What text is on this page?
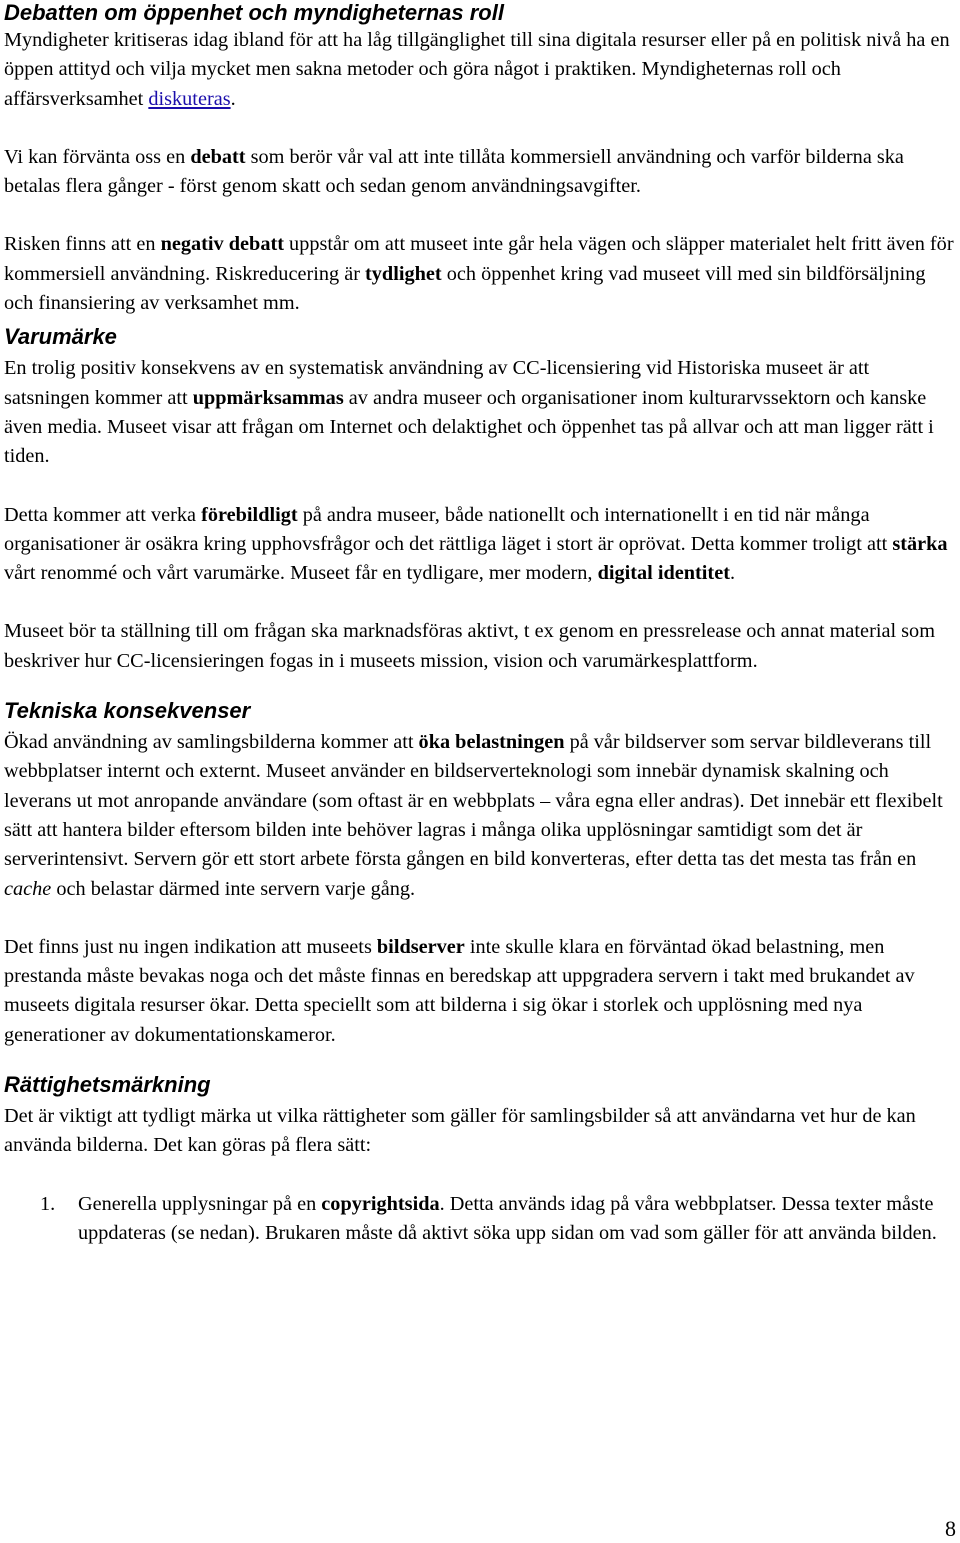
Debatten om öppenhet och myndigheternas roll

Myndigheter kritiseras idag ibland för att ha låg tillgänglighet till sina digitala resurser eller på en politisk nivå ha en öppen attityd och vilja mycket men sakna metoder och göra något i praktiken. Myndigheternas roll och affärsverksamhet diskuteras.

Vi kan förvänta oss en debatt som berör vår val att inte tillåta kommersiell användning och varför bilderna ska betalas flera gånger - först genom skatt och sedan genom användningsavgifter.

Risken finns att en negativ debatt uppstår om att museet inte går hela vägen och släpper materialet helt fritt även för kommersiell användning. Riskreducering är tydlighet och öppenhet kring vad museet vill med sin bildförsäljning och finansiering av verksamhet mm.

Varumärke

En trolig positiv konsekvens av en systematisk användning av CC-licensiering vid Historiska museet är att satsningen kommer att uppmärksammas av andra museer och organisationer inom kulturarvssektorn och kanske även media. Museet visar att frågan om Internet och delaktighet och öppenhet tas på allvar och att man ligger rätt i tiden.

Detta kommer att verka förebildligt på andra museer, både nationellt och internationellt i en tid när många organisationer är osäkra kring upphovsfrågor och det rättliga läget i stort är oprövat. Detta kommer troligt att stärka vårt renommé och vårt varumärke. Museet får en tydligare, mer modern, digital identitet.

Museet bör ta ställning till om frågan ska marknadsföras aktivt, t ex genom en pressrelease och annat material som beskriver hur CC-licensieringen fogas in i museets mission, vision och varumärkesplattform.

Tekniska konsekvenser

Ökad användning av samlingsbilderna kommer att öka belastningen på vår bildserver som servar bildleverans till webbplatser internt och externt. Museet använder en bildserverteknologi som innebär dynamisk skalning och leverans ut mot anropande användare (som oftast är en webbplats – våra egna eller andras). Det innebär ett flexibelt sätt att hantera bilder eftersom bilden inte behöver lagras i många olika upplösningar samtidigt som det är serverintensivt. Servern gör ett stort arbete första gången en bild konverteras, efter detta tas det mesta tas från en cache och belastar därmed inte servern varje gång.

Det finns just nu ingen indikation att museets bildserver inte skulle klara en förväntad ökad belastning, men prestanda måste bevakas noga och det måste finnas en beredskap att uppgradera servern i takt med brukandet av museets digitala resurser ökar. Detta speciellt som att bilderna i sig ökar i storlek och upplösning med nya generationer av dokumentationskameror.

Rättighetsmärkning

Det är viktigt att tydligt märka ut vilka rättigheter som gäller för samlingsbilder så att användarna vet hur de kan använda bilderna. Det kan göras på flera sätt:

1. Generella upplysningar på en copyrightsida. Detta används idag på våra webbplatser. Dessa texter måste uppdateras (se nedan). Brukaren måste då aktivt söka upp sidan om vad som gäller för att använda bilden.
8
